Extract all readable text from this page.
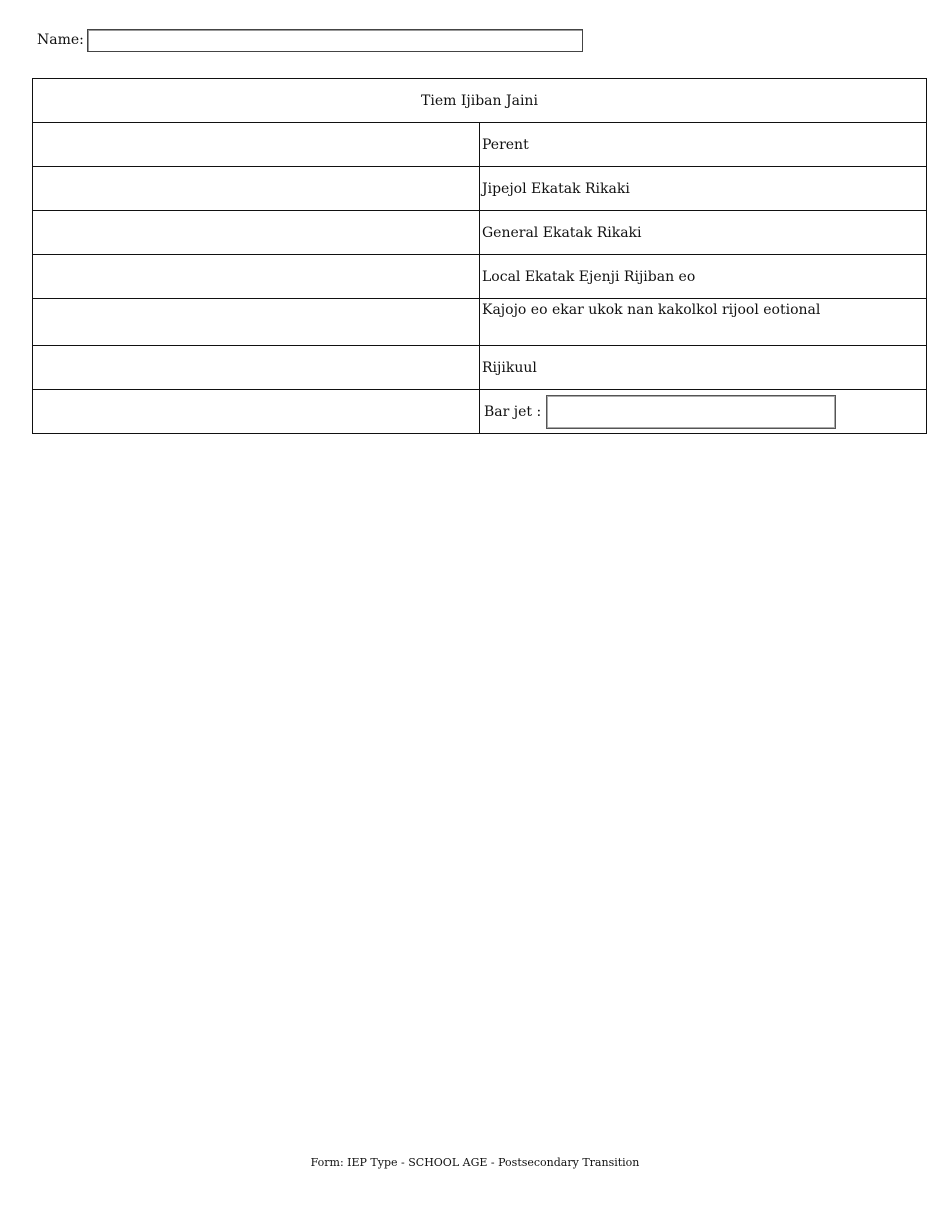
Name:
Tiem Ijiban Jaini	
	Perent
	Jipejol Ekatak Rikaki
	General Ekatak Rikaki
	Local Ekatak Ejenji Rijiban eo
	Kajojo eo ekar ukok nan kakolkol rijool eotional
	Rijikuul

	Bar jet :
Form: IEP Type - SCHOOL AGE - Postsecondary Transition
